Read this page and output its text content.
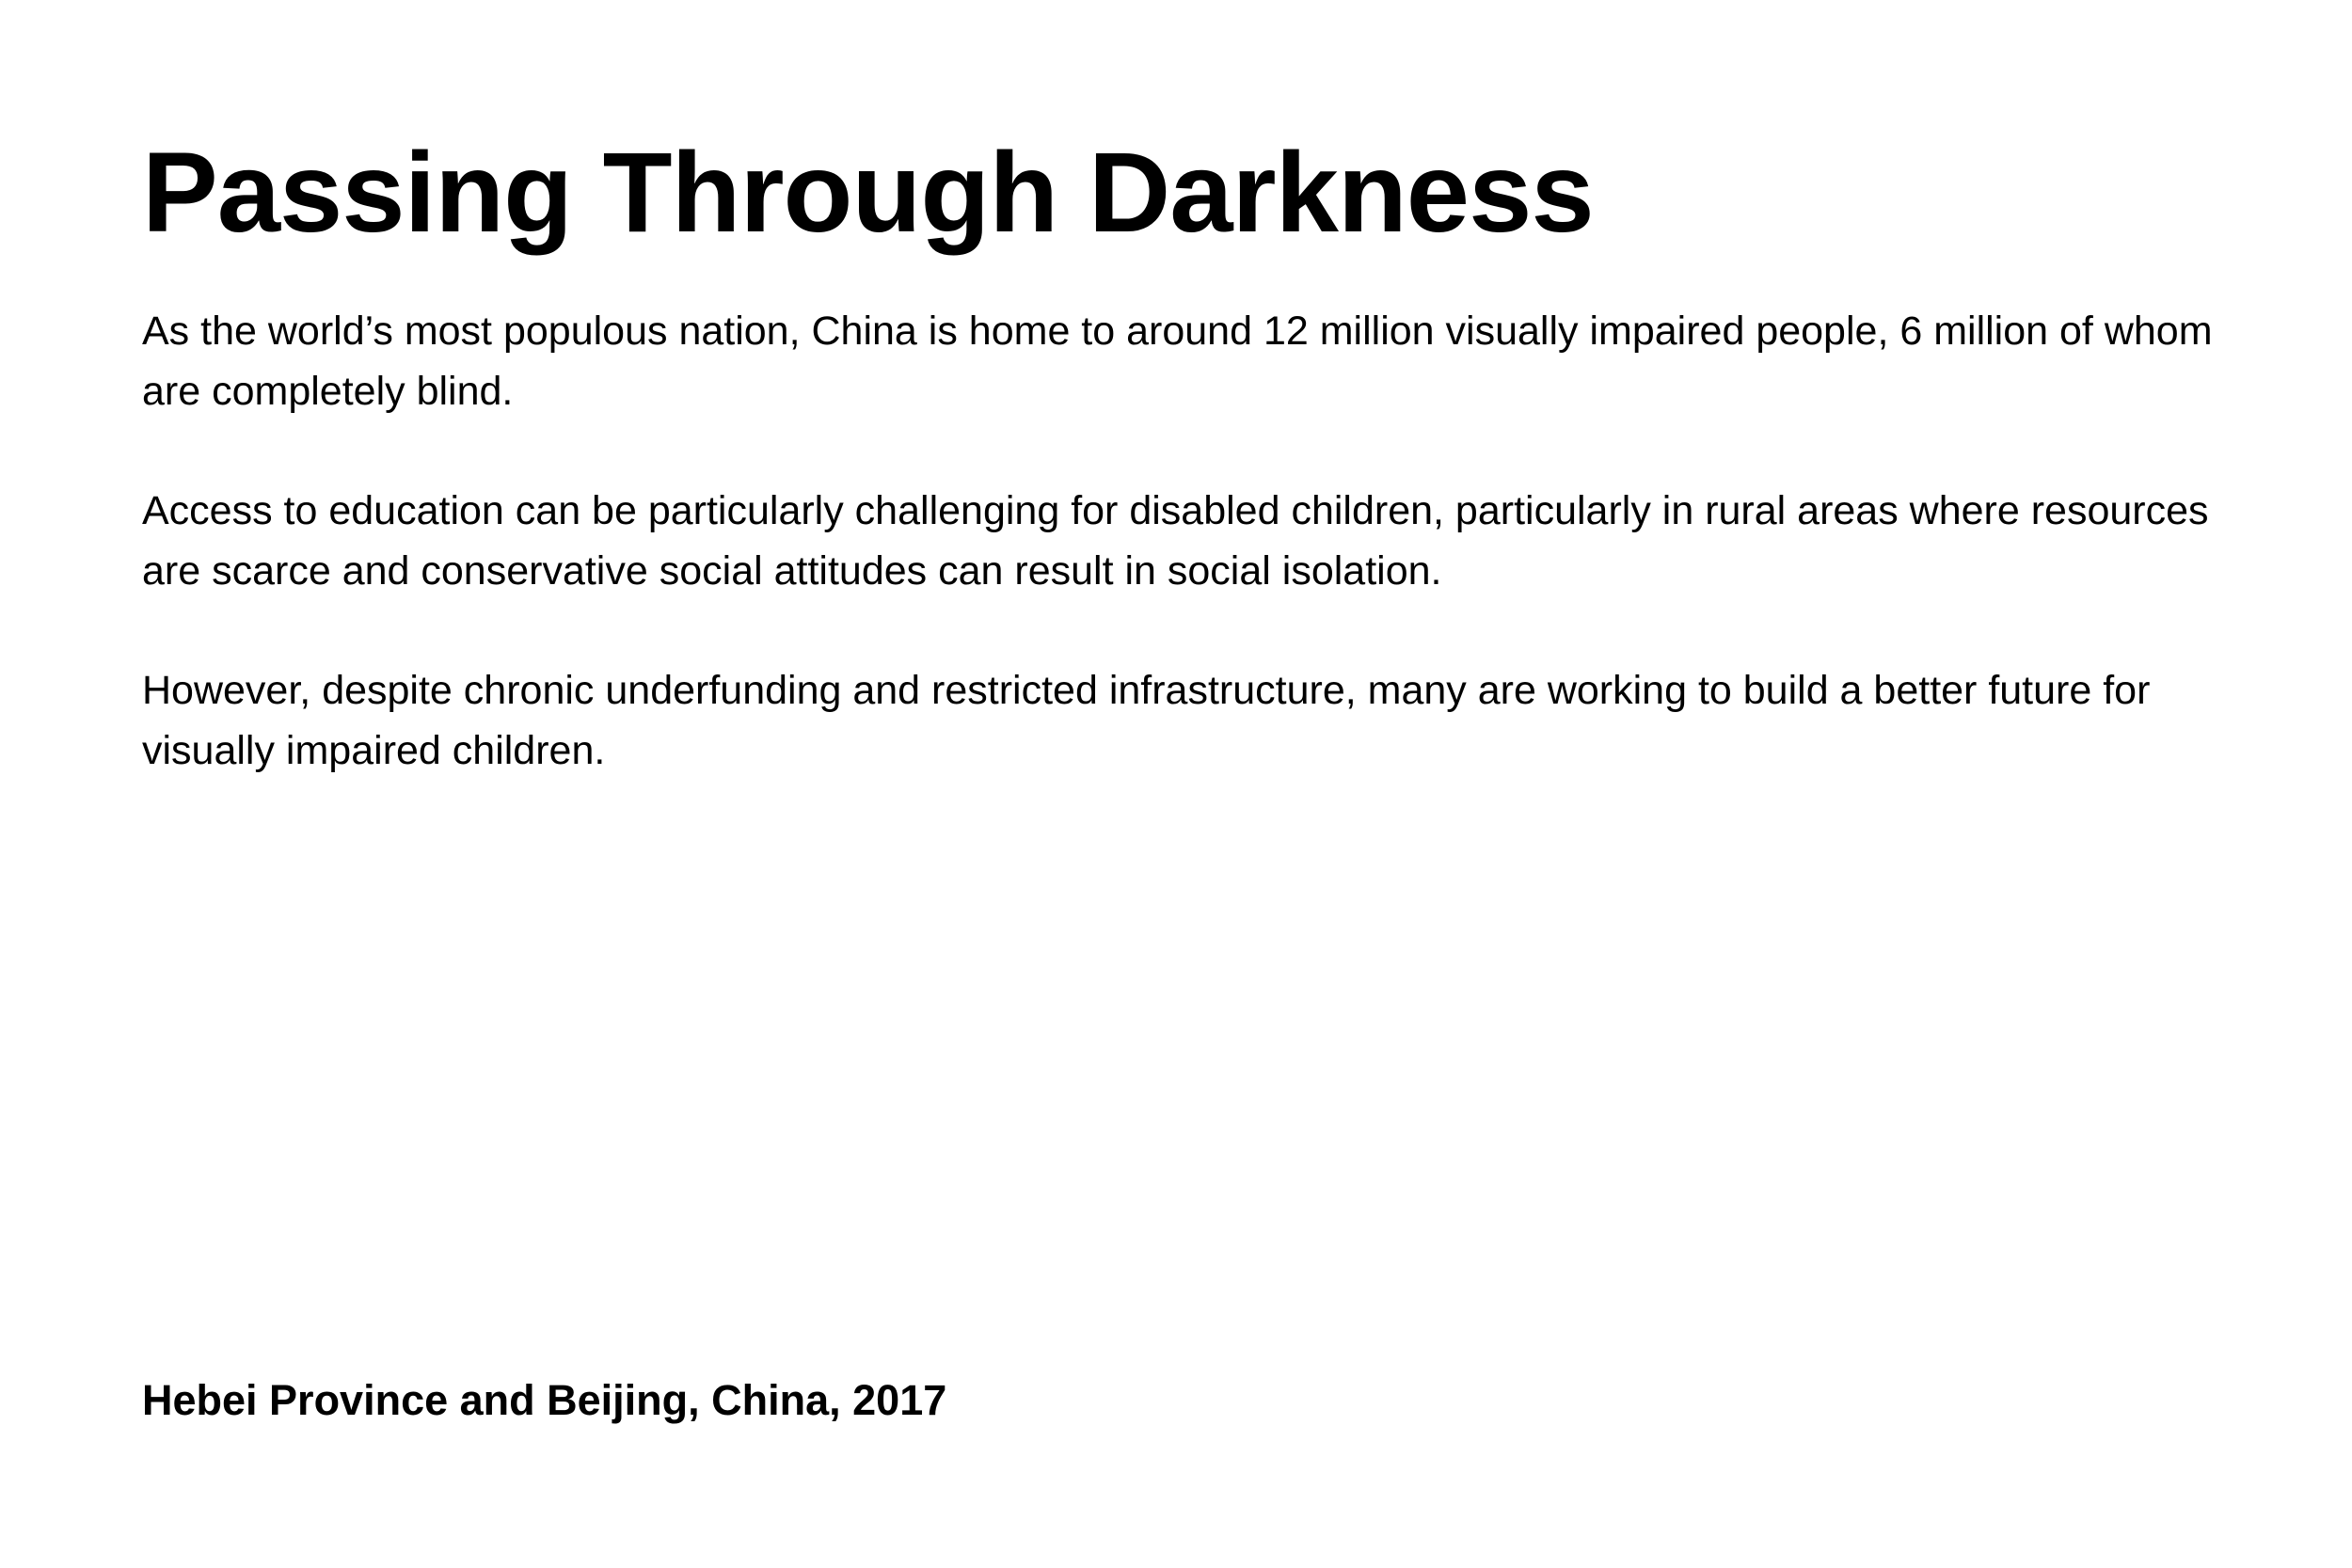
Passing Through Darkness

As the world’s most populous nation, China is home to around 12 million visually impaired people, 6 million of whom are completely blind.

Access to education can be particularly challenging for disabled children, particularly in rural areas where resources are scarce and conservative social attitudes can result in social isolation.

However, despite chronic underfunding and restricted infrastructure, many are working to build a better future for visually impaired children.

Hebei Province and Beijing, China, 2017
